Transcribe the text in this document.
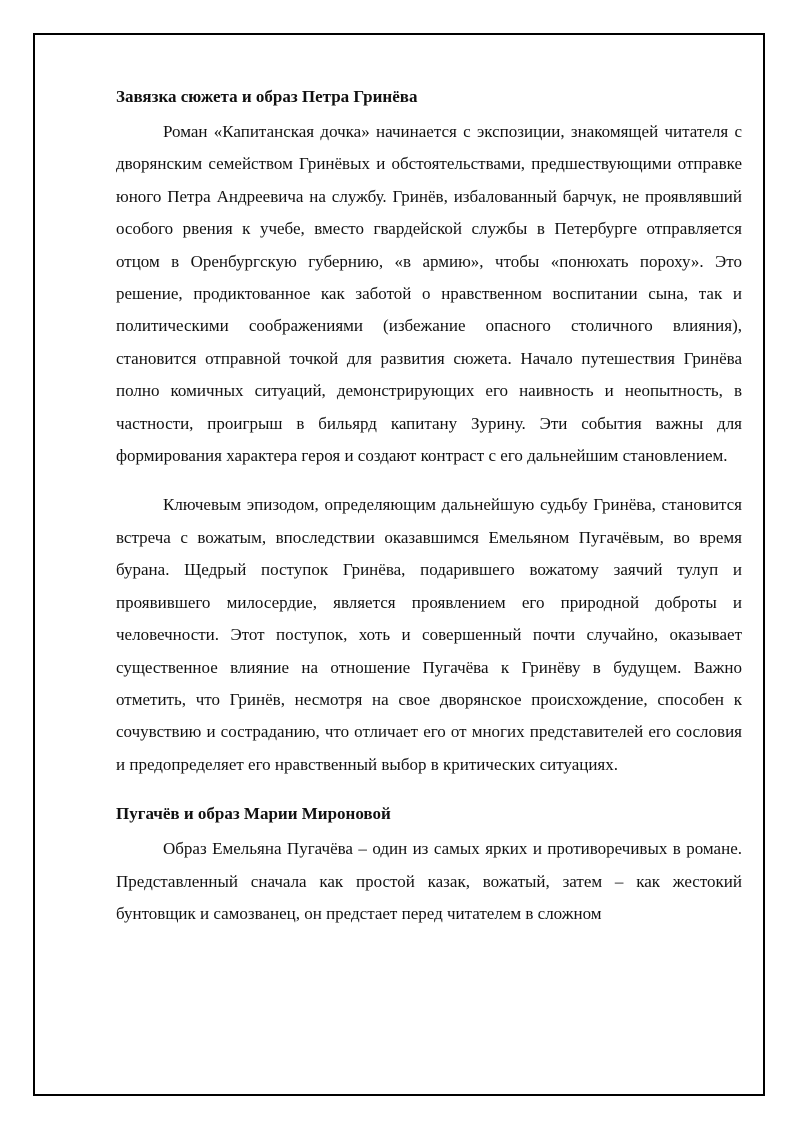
Завязка сюжета и образ Петра Гринёва

Роман «Капитанская дочка» начинается с экспозиции, знакомящей читателя с дворянским семейством Гринёвых и обстоятельствами, предшествующими отправке юного Петра Андреевича на службу. Гринёв, избалованный барчук, не проявлявший особого рвения к учебе, вместо гвардейской службы в Петербурге отправляется отцом в Оренбургскую губернию, «в армию», чтобы «понюхать пороху». Это решение, продиктованное как заботой о нравственном воспитании сына, так и политическими соображениями (избежание опасного столичного влияния), становится отправной точкой для развития сюжета. Начало путешествия Гринёва полно комичных ситуаций, демонстрирующих его наивность и неопытность, в частности, проигрыш в бильярд капитану Зурину. Эти события важны для формирования характера героя и создают контраст с его дальнейшим становлением.

Ключевым эпизодом, определяющим дальнейшую судьбу Гринёва, становится встреча с вожатым, впоследствии оказавшимся Емельяном Пугачёвым, во время бурана. Щедрый поступок Гринёва, подарившего вожатому заячий тулуп и проявившего милосердие, является проявлением его природной доброты и человечности. Этот поступок, хоть и совершенный почти случайно, оказывает существенное влияние на отношение Пугачёва к Гринёву в будущем. Важно отметить, что Гринёв, несмотря на свое дворянское происхождение, способен к сочувствию и состраданию, что отличает его от многих представителей его сословия и предопределяет его нравственный выбор в критических ситуациях.

Пугачёв и образ Марии Мироновой

Образ Емельяна Пугачёва – один из самых ярких и противоречивых в романе. Представленный сначала как простой казак, вожатый, затем – как жестокий бунтовщик и самозванец, он предстает перед читателем в сложном
